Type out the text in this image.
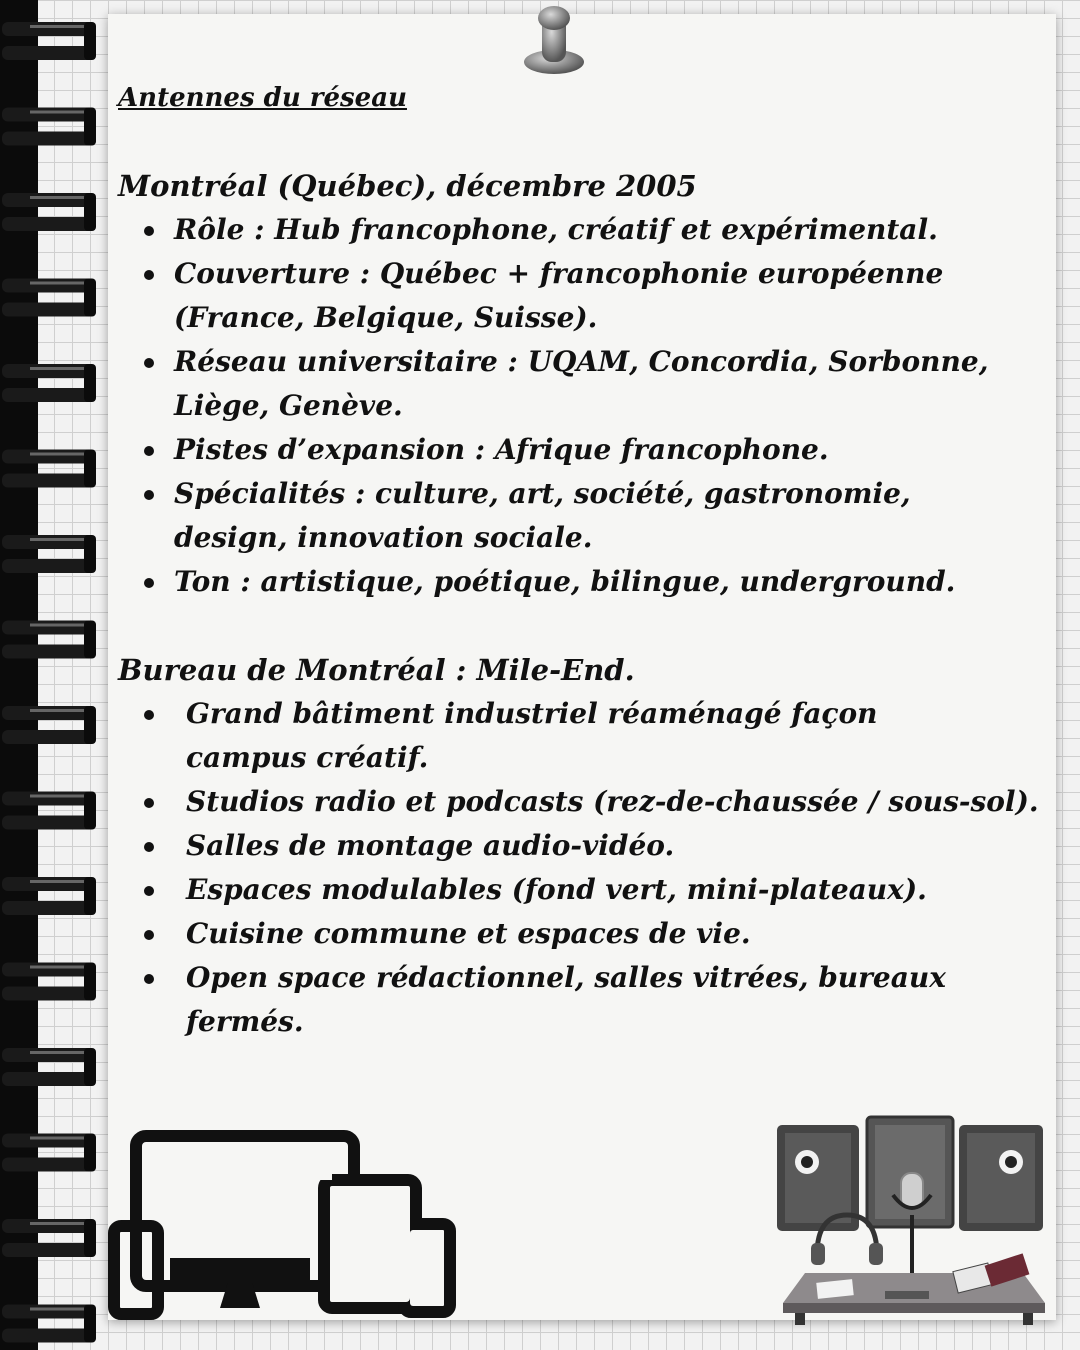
Antennes du réseau

Montréal (Québec), décembre 2005

Rôle : Hub francophone, créatif et expérimental.
Couverture : Québec + francophonie européenne (France, Belgique, Suisse).
Réseau universitaire : UQAM, Concordia, Sorbonne, Liège, Genève.
Pistes d’expansion : Afrique francophone.
Spécialités : culture, art, société, gastronomie, design, innovation sociale.
Ton : artistique, poétique, bilingue, underground.

Bureau de Montréal : Mile-End.

Grand bâtiment industriel réaménagé façon campus créatif.
Studios radio et podcasts (rez-de-chaussée / sous-sol).
Salles de montage audio-vidéo.
Espaces modulables (fond vert, mini-plateaux).
Cuisine commune et espaces de vie.
Open space rédactionnel, salles vitrées, bureaux fermés.
